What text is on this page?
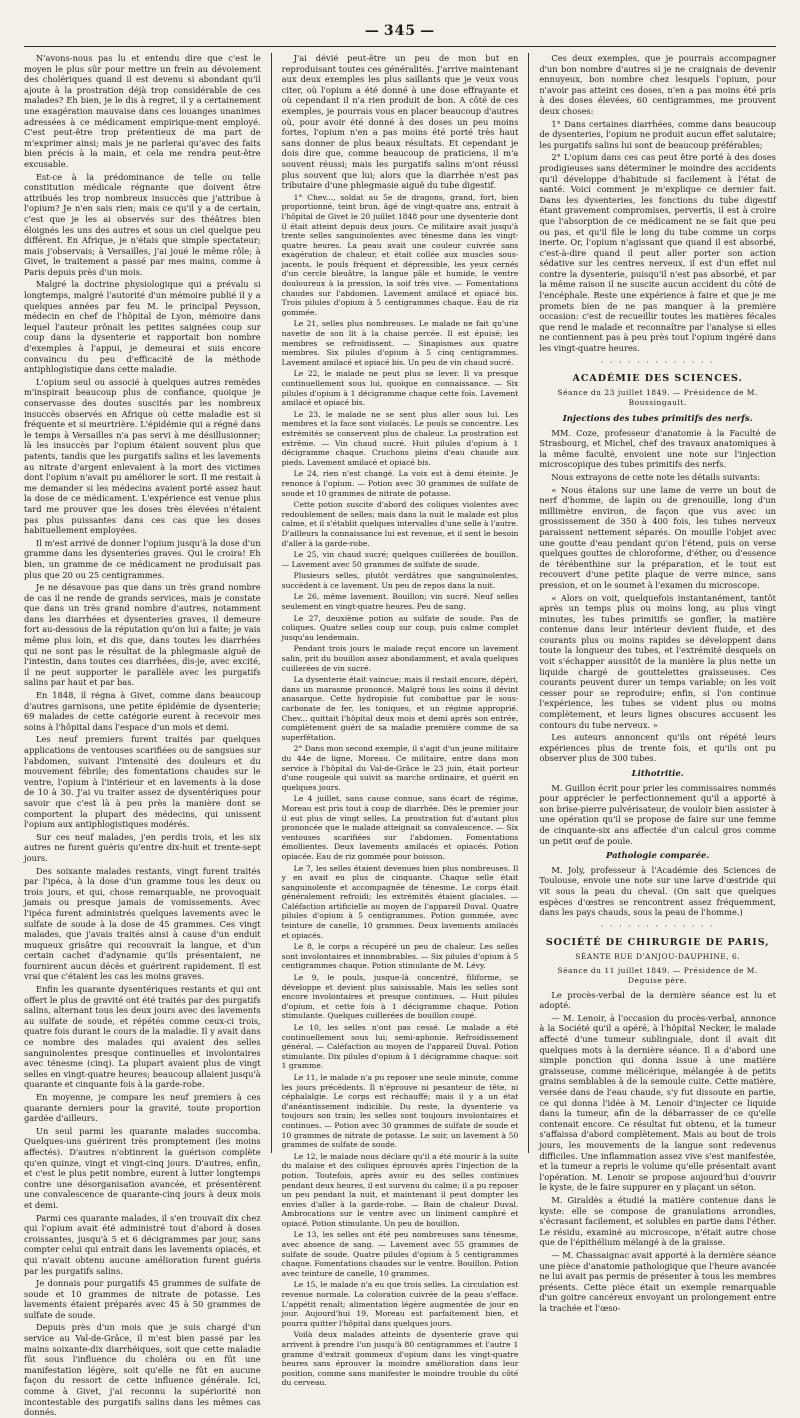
— 345 —

N'avons-nous pas lu et entendu dire que c'est le moyen le plus sûr pour mettre un frein au dévoiement des cholériques quand il est devenu si abondant qu'il ajoute à la prostration déjà trop considérable de ces malades? Eh bien, je le dis à regret, il y a certainement une exagération mauvaise dans ces louanges unanimes adressées à ce médicament empirique-ment employé. C'est peut-être trop prétentieux de ma part de m'exprimer ainsi; mais je ne parlerai qu'avec des faits bien précis à la main, et cela me rendra peut-être excusable.

Est-ce à la prédominance de telle ou telle constitution médicale régnante que doivent être attribués les trop nombreux insuccès que j'attribue à l'opium? Je n'en sais rien; mais ce qu'il y a de certain, c'est que je les ai observés sur des théâtres bien éloignés les uns des autres et sous un ciel quelque peu différent. En Afrique, je n'étais que simple spectateur; mais j'observais; à Versailles, j'ai joué le même rôle; à Givet, le traitement a passé par mes mains, comme à Paris depuis près d'un mois.

Malgré la doctrine physiologique qui a prévalu si longtemps, malgré l'autorité d'un mémoire publié il y a quelques années par feu M. le principal Peysson, médecin en chef de l'hôpital de Lyon, mémoire dans lequel l'auteur prônait les petites saignées coup sur coup dans la dysenterie et rapportait bon nombre d'exemples à l'appui, je demeurai et suis encore convaincu du peu d'efficacité de la méthode antiphlogistique dans cette maladie.

L'opium seul ou associé à quelques autres remèdes m'inspirait beaucoup plus de confiance, quoique je conservasse des doutes suscités par les nombreux insuccès observés en Afrique où cette maladie est si fréquente et si meurtrière. L'épidémie qui a régné dans le temps à Versailles n'a pas servi à me désillusionner; là les insuccès par l'opium étaient souvent plus que patents, tandis que les purgatifs salins et les lavements au nitrate d'argent enlevaient à la mort des victimes dont l'opium n'avait pu améliorer le sort. Il me restait à me demander si les médecins avaient porté assez haut la dose de ce médicament. L'expérience est venue plus tard me prouver que les doses très élevées n'étaient pas plus puissantes dans ces cas que les doses habituellement employées.

Il m'est arrivé de donner l'opium jusqu'à la dose d'un gramme dans les dysenteries graves. Qui le croira! Eh bien, un gramme de ce médicament ne produisait pas plus que 20 ou 25 centigrammes.

Je ne désavoue pas que dans un très grand nombre de cas il ne rende de grands services, mais je constate que dans un très grand nombre d'autres, notamment dans les diarrhées et dysenteries graves, il demeure fort au-dessous de la réputation qu'on lui a faite; je vais même plus loin, et dis que, dans toutes les diarrhées qui ne sont pas le résultat de la phlegmasie aiguë de l'intestin, dans toutes ces diarrhées, dis-je, avec excité, il ne peut supporter le parallèle avec les purgatifs salins par haut et par bas.

En 1848, il régna à Givet, comme dans beaucoup d'autres garnisons, une petite épidémie de dysenterie; 69 malades de cette catégorie eurent à recevoir mes soins à l'hôpital dans l'espace d'un mois et demi.

Les neuf premiers furent traités par quelques applications de ventouses scarifiées ou de sangsues sur l'abdomen, suivant l'intensité des douleurs et du mouvement fébrile; des fomentations chaudes sur le ventre, l'opium à l'intérieur et en lavements à la dose de 10 à 30. J'ai vu traiter assez de dysentériques pour savoir que c'est là à peu près la manière dont se comportent la plupart des médecins, qui unissent l'opium aux antiphlogistiques modérés.

Sur ces neuf malades, j'en perdis trois, et les six autres ne furent guéris qu'entre dix-huit et trente-sept jours.

Des soixante malades restants, vingt furent traités par l'ipéca, à la dose d'un gramme tous les deux ou trois jours, et qui, chose remarquable, ne provoquait jamais ou presque jamais de vomissements. Avec l'ipéca furent administrés quelques lavements avec le sulfate de soude à la dose de 45 grammes. Ces vingt malades, que j'avais traités ainsi à cause d'un enduit muqueux grisâtre qui recouvrait la langue, et d'un certain cachet d'adynamie qu'ils présentaient, ne fournirent aucun décès et guérirent rapidement. Il est vrai que c'étaient les cas les moins graves.

Enfin les quarante dysentériques restants et qui ont offert le plus de gravité ont été traités par des purgatifs salins, alternant tous les deux jours avec des lavements au sulfate de soude, et répétés comme ceux-ci trois, quatre fois durant le cours de la maladie. Il y avait dans ce nombre des malades qui avaient des selles sanguinolentes presque continuelles et involontaires avec ténesme (cinq). La plupart avaient plus de vingt selles en vingt-quatre heures; beaucoup allaient jusqu'à quarante et cinquante fois à la garde-robe.

En moyenne, je compare les neuf premiers à ces quarante derniers pour la gravité, toute proportion gardée d'ailleurs.

Un seul parmi les quarante malades succomba. Quelques-uns guérirent très promptement (les moins affectés). D'autres n'obtinrent la guérison complète qu'en quinze, vingt et vingt-cinq jours. D'autres, enfin, et c'est le plus petit nombre, eurent à lutter longtemps contre une désorganisation avancée, et présentèrent une convalescence de quarante-cinq jours à deux mois et demi.

Parmi ces quarante malades, il s'en trouvait dix chez qui l'opium avait été administré tout d'abord à doses croissantes, jusqu'à 5 et 6 décigrammes par jour, sans compter celui qui entrait dans les lavements opiacés, et qui n'avait obtenu aucune amélioration furent guéris par les purgatifs salins.

Je donnais pour purgatifs 45 grammes de sulfate de soude et 10 grammes de nitrate de potasse. Les lavements étaient préparés avec 45 à 50 grammes de sulfate de soude.

Depuis près d'un mois que je suis chargé d'un service au Val-de-Grâce, il m'est bien passé par les mains soixante-dix diarrhéiques, soit que cette maladie fût sous l'influence du choléra ou en fût une manifestation légère, soit qu'elle ne fût en aucune façon du ressort de cette influence générale. Ici, comme à Givet, j'ai reconnu la supériorité non incontestable des purgatifs salins dans les mêmes cas donnés.

J'ai dévié peut-être un peu de mon but en reproduisant toutes ces généralités. J'arrive maintenant aux deux exemples les plus saillants que je veux vous citer, où l'opium a été donné à une dose effrayante et où cependant il n'a rien produit de bon. A côté de ces exemples, je pourrais vous en placer beaucoup d'autres où, pour avoir été donné à des doses un peu moins fortes, l'opium n'en a pas moins été porté très haut sans donner de plus beaux résultats. Et cependant je dois dire que, comme beaucoup de praticiens, il m'a souvent réussi; mais les purgatifs salins m'ont réussi plus souvent que lui; alors que la diarrhée n'est pas tributaire d'une phlegmasie aiguë du tube digestif.

1° Chev..., soldat au 5e de dragons, grand, fort, bien proportionné, teint brun, âgé de vingt-quatre ans, entrait à l'hôpital de Givet le 20 juillet 1848 pour une dysenterie dont il était atteint depuis deux jours. Ce militaire avait jusqu'à trente selles sanguinolentes avec ténesme dans les vingt-quatre heures. La peau avait une couleur cuivrée sans exagération de chaleur, et était collée aux muscles sous-jacents, le pouls fréquent et dépressible, les yeux cernés d'un cercle bleuâtre, la langue pâle et humide, le ventre douloureux à la pression, la soif très vive. — Fomentations chaudes sur l'abdomen. Lavement amilacé et opiacé bis. Trois pilules d'opium à 5 centigrammes chaque. Eau de riz gommée.

Le 21, selles plus nombreuses. Le malade ne fait qu'une navette de son lit à la chaise percée. Il est épuisé; les membres se refroidissent. — Sinapismes aux quatre membres. Six pilules d'opium à 5 cinq centigrammes. Lavement amilacé et opiacé bis. Un peu de vin chaud sucré.

Le 22, le malade ne peut plus se lever. Il va presque continuellement sous lui, quoique en connaissance. — Six pilules d'opium à 1 décigramme chaque cette fois. Lavement amilacé et opiacé bis.

Le 23, le malade ne se sent plus aller sous lui. Les membres et la face sont violacés. Le pouls se concentre. Les extrémités se conservent plus de chaleur. La prostration est extrême. — Vin chaud sucré. Huit pilules d'opium à 1 décigramme chaque. Cruchons pleins d'eau chaude aux pieds. Lavement amilacé et opiacé bis.

Le 24, rien n'est changé. La voix est à demi éteinte. Je renonce à l'opium. — Potion avec 30 grammes de sulfate de soude et 10 grammes de nitrate de potasse.

Cette potion suscite d'abord des coliques violentes avec redoublement de selles; mais dans la nuit le malade est plus calme, et il s'établit quelques intervalles d'une selle à l'autre. D'ailleurs la connaissance lui est revenue, et il sent le besoin d'aller à la garde-robe.

Le 25, vin chaud sucré; quelques cuillerées de bouillon. — Lavement avec 50 grammes de sulfate de soude.

Plusieurs selles, plutôt verdâtres que sanguinolentes, succèdent à ce lavement. Un peu de repos dans la nuit.

Le 26, même lavement. Bouillon; vin sucré. Neuf selles seulement en vingt-quatre heures. Peu de sang.

Le 27, deuxième potion au sulfate de soude. Pas de coliques. Quatre selles coup sur coup, puis calme complet jusqu'au lendemain.

Pendant trois jours le malade reçut encore un lavement salin, prit du bouillon assez abondamment, et avala quelques cuillerées de vin sucré.

La dysenterie était vaincue; mais il restait encore, dépéri, dans un marasme prononcé. Malgré tous les soins il dévint anasarque. Cette hydropisie fut combattue par le sous-carbonate de fer, les toniques, et un régime approprié. Chev... quittait l'hôpital deux mois et demi après son entrée, complètement guéri de sa maladie première comme de sa superfétation.

2° Dans mon second exemple, il s'agit d'un jeune militaire du 44e de ligne, Moreau. Ce militaire, entre dans mon service à l'hôpital du Val-de-Grâce le 23 juin, était porteur d'une rougeole qui suivit sa marche ordinaire, et guérit en quelques jours.

Le 4 juillet, sans cause connue, sans écart de régime, Moreau est pris tout à coup de diarrhée. Dès le premier jour il eut plus de vingt selles. La prostration fut d'autant plus prononcée que le malade atteignait sa convalescence. — Six ventouses scarifiées sur l'abdomen. Fomentations émollientes. Deux lavements amilacés et opiacés. Potion opiacée. Eau de riz gommée pour boisson.

Le 7, les selles étaient devenues bien plus nombreuses. Il y en avait eu plus de cinquante. Chaque selle était sanguinolente et accompagnée de ténesme. Le corps était généralement refroidi; les extrémités étaient glaciales. — Caléfaction artificielle au moyen de l'appareil Duval. Quatre pilules d'opium à 5 centigrammes. Potion gommée, avec teinture de canelle, 10 grammes. Deux lavements amilacés et opiacés.

Le 8, le corps a récupéré un peu de chaleur. Les selles sont involontaires et innombrables. — Six pilules d'opium à 5 centigrammes chaque. Potion stimulante de M. Lévy.

Le 9, le pouls, jusque-là concentré, filiforme, se développe et devient plus saisissable. Mais les selles sont encore involontaires et presque continues. — Huit pilules d'opium, et cette fois à 1 décigramme chaque. Potion stimulante. Quelques cuillerées de bouillon coupé.

Le 10, les selles n'ont pas cessé. Le malade a été continuellement sous lui; semi-aphonie. Refroidissement général. — Caléfaction au moyen de l'appareil Duval. Potion stimulante. Dix pilules d'opium à 1 décigramme chaque: soit 1 gramme.

Le 11, le malade n'a pu reposer une seule minute, comme les jours précédents. Il n'éprouve ni pesanteur de tête, ni céphalalgie. Le corps est réchauffé; mais il y a un état d'anéantissement indicible. Du reste, la dysenterie va toujours son train; les selles sont toujours involontaires et continues. — Potion avec 30 grammes de sulfate de soude et 10 grammes de nitrate de potasse. Le soir, un lavement à 50 grammes de sulfate de soude.

Le 12, le malade nous déclare qu'il a été mourir à la suite du malaise et des coliques éprouvés après l'injection de la potion. Toutefois, après avoir eu des selles continues pendant deux heures, il est survenu du calme; il a pu reposer un peu pendant la nuit, et maintenant il peut dompter les envies d'aller à la garde-robe. — Bain de chaleur Duval. Ambrocations sur le ventre avec un liniment camphré et opiacé. Potion stimulante. Un peu de bouillon.

Le 13, les selles ont été peu nombreuses sans ténesme, avec absence de sang. — Lavement avec 55 grammes de sulfate de soude. Quatre pilules d'opium à 5 centigrammes chaque. Fomentations chaudes sur le ventre. Bouillon. Potion avec teinture de canelle, 10 grammes.

Le 15, le malade n'a eu que trois selles. La circulation est revenue normale. La coloration cuivrée de la peau s'efface. L'appétit renaît; alimentation légère augmentée de jour en jour. Aujourd'hui 19, Moreau est parfaitement bien, et pourra quitter l'hôpital dans quelques jours.

Voilà deux malades atteints de dysenterie grave qui arrivent à prendre l'un jusqu'à 80 centigrammes et l'autre 1 gramme d'extrait gommeux d'opium dans les vingt-quatre heures sans éprouver la moindre amélioration dans leur position, comme sans manifester le moindre trouble du côté du cerveau.

Ces deux exemples, que je pourrais accompagner d'un bon nombre d'autres si je ne craignais de devenir ennuyeux, bon nombre chez lesquels l'opium, pour n'avoir pas atteint ces doses, n'en a pas moins été pris à des doses élevées, 60 centigrammes, me prouvent deux choses:

1° Dans certaines diarrhées, comme dans beaucoup de dysenteries, l'opium ne produit aucun effet salutaire; les purgatifs salins lui sont de beaucoup préférables;

2° L'opium dans ces cas peut être porté à des doses prodigieuses sans déterminer le moindre des accidents qu'il développe d'habitude si facilement à l'état de santé. Voici comment je m'explique ce dernier fait. Dans les dysenteries, les fonctions du tube digestif étant gravement compromises, pervertis, il est à croire que l'absorption de ce médicament ne se fait que peu ou pas, et qu'il file le long du tube comme un corps inerte. Or, l'opium n'agissant que quand il est absorbé, c'est-à-dire quand il peut aller porter son action sédative sur les centres nerveux, il est d'un effet nul contre la dysenterie, puisqu'il n'est pas absorbé, et par la même raison il ne suscite aucun accident du côté de l'encéphale. Reste une expérience à faire et que je me promets bien de ne pas manquer à la première occasion: c'est de recueillir toutes les matières fécales que rend le malade et reconnaître par l'analyse si elles ne contiennent pas à peu près tout l'opium ingéré dans les vingt-quatre heures.

· · · · · · · · · · · · ·
ACADÉMIE DES SCIENCES.
Séance du 23 juillet 1849. — Présidence de M. Boussingault.
Injections des tubes primitifs des nerfs.

MM. Coze, professeur d'anatomie à la Faculté de Strasbourg, et Michel, chef des travaux anatomiques à la même faculté, envoient une note sur l'injection microscopique des tubes primitifs des nerfs.

Nous extrayons de cette note les détails suivants:

« Nous étalons sur une lame de verre un bout de nerf d'homme, de lapin ou de grenouille, long d'un millimètre environ, de façon que vus avec un grossissement de 350 à 400 fois, les tubes nerveux paraissent nettement séparés. On mouille l'objet avec une goutte d'eau pendant qu'on l'étend, puis on verse quelques gouttes de chloroforme, d'éther, ou d'essence de térébenthine sur la préparation, et le tout est recouvert d'une petite plaque de verre mince, sans pression, et on le soumet à l'examen du microscope.

« Alors on voit, quelquefois instantanément, tantôt après un temps plus ou moins long, au plus vingt minutes, les tubes primitifs se gonfler, la matière contenue dans leur intérieur devient fluide, et des courants plus ou moins rapides se développent dans toute la longueur des tubes, et l'extrémité desquels on voit s'échapper aussitôt de la manière la plus nette un liquide chargé de gouttelettes graisseuses. Ces courants peuvent durer un temps variable; on les voit cesser pour se reproduire; enfin, si l'on continue l'expérience, les tubes se vident plus ou moins complètement, et leurs lignes obscures accusent les contours du tube nerveux. »

Les auteurs annoncent qu'ils ont répété leurs expériences plus de trente fois, et qu'ils ont pu observer plus de 300 tubes.

Lithotritie.

M. Guillon écrit pour prier les commissaires nommés pour apprécier le perfectionnement qu'il a apporté à son brise-pierre pulvérisateur, de vouloir bien assister à une opération qu'il se propose de faire sur une femme de cinquante-six ans affectée d'un calcul gros comme un petit œuf de poule.

Pathologie comparée.

M. Joly, professeur à l'Académie des Sciences de Toulouse, envoie une note sur une larve d'œstride qui vit sous la peau du cheval. (On sait que quelques espèces d'œstres se rencontrent assez fréquemment, dans les pays chauds, sous la peau de l'homme.)

· · · · · · · · · · · · ·
SOCIÉTÉ DE CHIRURGIE DE PARIS,
SÉANTE RUE D'ANJOU-DAUPHINE, 6.
Séance du 11 juillet 1849. — Présidence de M. Deguise père.

Le procès-verbal de la dernière séance est lu et adopté.

— M. Lenoir, à l'occasion du procès-verbal, annonce à la Société qu'il a opéré, à l'hôpital Necker, le malade affecté d'une tumeur sublinguale, dont il avait dit quelques mots à la dernière séance. Il a d'abord une simple ponction qui donna issue à une matière graisseuse, comme mélicérique, mélangée à de petits grains semblables à de la semoule cuite. Cette matière, versée dans de l'eau chaude, s'y fut dissoute en partie, ce qui donna l'idée à M. Lenoir d'injecter ce liquide dans la tumeur, afin de la débarrasser de ce qu'elle contenait encore. Ce résultat fut obtenu, et la tumeur s'affaissa d'abord complètement. Mais au bout de trois jours, les mouvements de la langue sont redevenus difficiles. Une inflammation assez vive s'est manifestée, et la tumeur a repris le volume qu'elle présentait avant l'opération. M. Lenoir se propose aujourd'hui d'ouvrir le kyste, de le faire suppurer en y plaçant un séton.

M. Giraldès a étudié la matière contenue dans le kyste: elle se compose de granulations arrondies, s'écrasant facilement, et solubles en partie dans l'éther. Le résidu, examiné au microscope, n'était autre chose que de l'épithélium mélangé à de la graisse.

— M. Chassaignac avait apporté à la dernière séance une pièce d'anatomie pathologique que l'heure avancée ne lui avait pas permis de présenter à tous les membres présents. Cette pièce était un exemple remarquable d'un goitre cancéreux envoyant un prolongement entre la trachée et l'œso-
